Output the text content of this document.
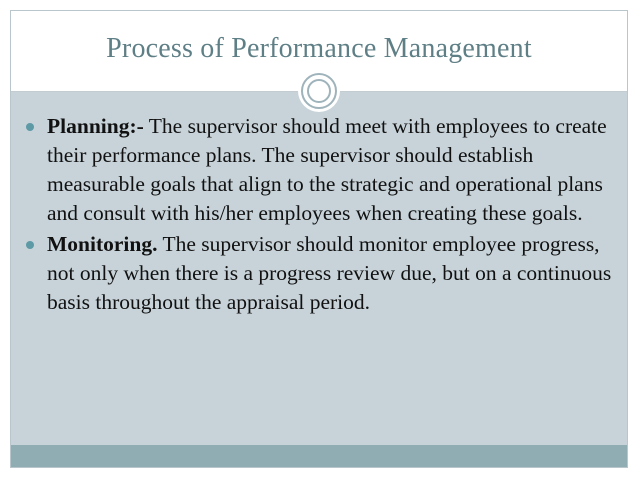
Process of Performance Management
Planning:- The supervisor should meet with employees to create their performance plans. The supervisor should establish measurable goals that align to the strategic and operational plans and consult with his/her employees when creating these goals.
Monitoring. The supervisor should monitor employee progress, not only when there is a progress review due, but on a continuous basis throughout the appraisal period.
